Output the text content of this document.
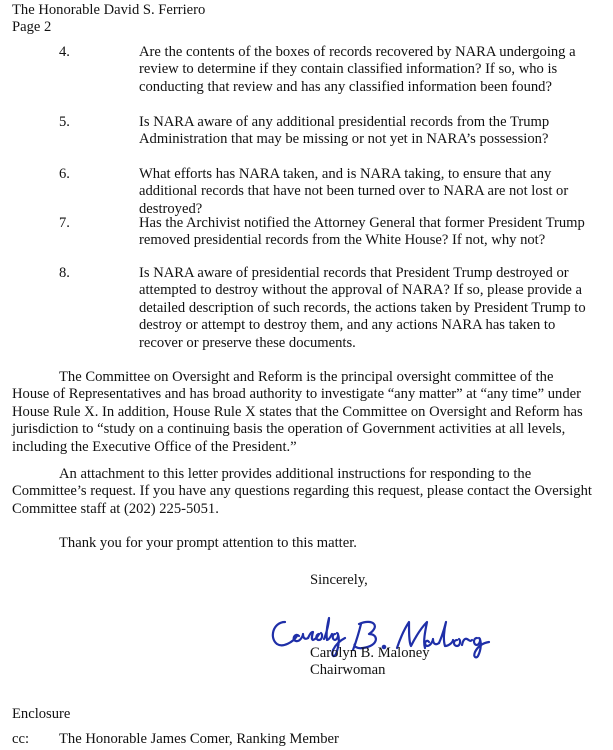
The Honorable David S. Ferriero
Page 2
4.	Are the contents of the boxes of records recovered by NARA undergoing a review to determine if they contain classified information? If so, who is conducting that review and has any classified information been found?
5.	Is NARA aware of any additional presidential records from the Trump Administration that may be missing or not yet in NARA’s possession?
6.	What efforts has NARA taken, and is NARA taking, to ensure that any additional records that have not been turned over to NARA are not lost or destroyed?
7.	Has the Archivist notified the Attorney General that former President Trump removed presidential records from the White House? If not, why not?
8.	Is NARA aware of presidential records that President Trump destroyed or attempted to destroy without the approval of NARA? If so, please provide a detailed description of such records, the actions taken by President Trump to destroy or attempt to destroy them, and any actions NARA has taken to recover or preserve these documents.
The Committee on Oversight and Reform is the principal oversight committee of the House of Representatives and has broad authority to investigate “any matter” at “any time” under House Rule X. In addition, House Rule X states that the Committee on Oversight and Reform has jurisdiction to “study on a continuing basis the operation of Government activities at all levels, including the Executive Office of the President.”
An attachment to this letter provides additional instructions for responding to the Committee’s request. If you have any questions regarding this request, please contact the Oversight Committee staff at (202) 225-5051.
Thank you for your prompt attention to this matter.
Sincerely,
Carolyn B. Maloney
Chairwoman
Enclosure
cc: The Honorable James Comer, Ranking Member
